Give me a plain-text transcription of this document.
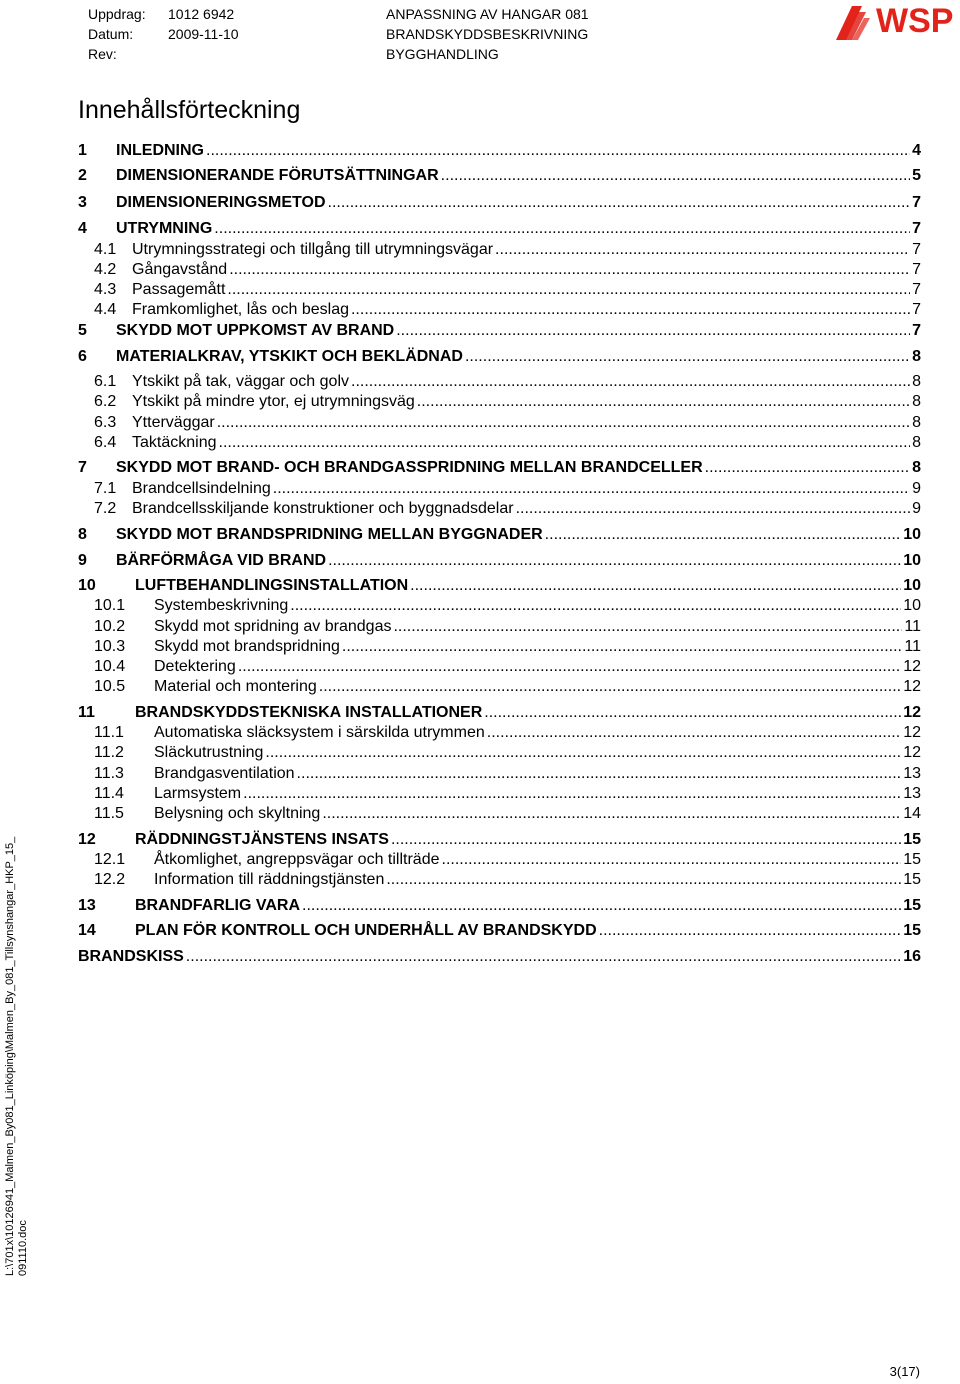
Uppdrag: 1012 6942
Datum: 2009-11-10
Rev:
ANPASSNING AV HANGAR 081
BRANDSKYDDSBESKRIVNING
BYGGHANDLING
WSP
Innehållsförteckning
1	INLEDNING .....	4
2	DIMENSIONERANDE FÖRUTSÄTTNINGAR .....	5
3	DIMENSIONERINGSMETOD .....	7
4	UTRYMNING .....	7
4.1 Utrymningsstrategi och tillgång till utrymningsvägar .....	7
4.2 Gångavstånd .....	7
4.3 Passagemått .....	7
4.4 Framkomlighet, lås och beslag .....	7
5	SKYDD MOT UPPKOMST AV BRAND .....	7
6	MATERIALKRAV, YTSKIKT OCH BEKLÄDNAD .....	8
6.1 Ytskikt på tak, väggar och golv .....	8
6.2 Ytskikt på mindre ytor, ej utrymningsväg .....	8
6.3 Ytterväggar .....	8
6.4 Taktäckning .....	8
7	SKYDD MOT BRAND- OCH BRANDGASSPRIDNING MELLAN BRANDCELLER .....	8
7.1 Brandcellsindelning .....	9
7.2 Brandcellsskiljande konstruktioner och byggnadsdelar .....	9
8	SKYDD MOT BRANDSPRIDNING MELLAN BYGGNADER .....	10
9	BÄRFÖRMÅGA VID BRAND .....	10
10	LUFTBEHANDLINGSINSTALLATION .....	10
10.1	Systembeskrivning .....	10
10.2	Skydd mot spridning av brandgas .....	11
10.3	Skydd mot brandspridning .....	11
10.4	Detektering .....	12
10.5	Material och montering .....	12
11	BRANDSKYDDSTEKNISKA INSTALLATIONER .....	12
11.1	Automatiska släcksystem i särskilda utrymmen .....	12
11.2	Släckutrustning .....	12
11.3	Brandgasventilation .....	13
11.4	Larmsystem .....	13
11.5	Belysning och skyltning .....	14
12	RÄDDNINGSTJÄNSTENS INSATS .....	15
12.1	Åtkomlighet, angreppsvägar och tillträde .....	15
12.2	Information till räddningstjänsten .....	15
13	BRANDFARLIG VARA .....	15
14	PLAN FÖR KONTROLL OCH UNDERHÅLL AV BRANDSKYDD .....	15
BRANDSKISS .....	16
L:\701x\10126941_Malmen_By081_Linköping\Malmen_By_081_Tillsynshangar_HKP_15_ 091110.doc
3(17)
